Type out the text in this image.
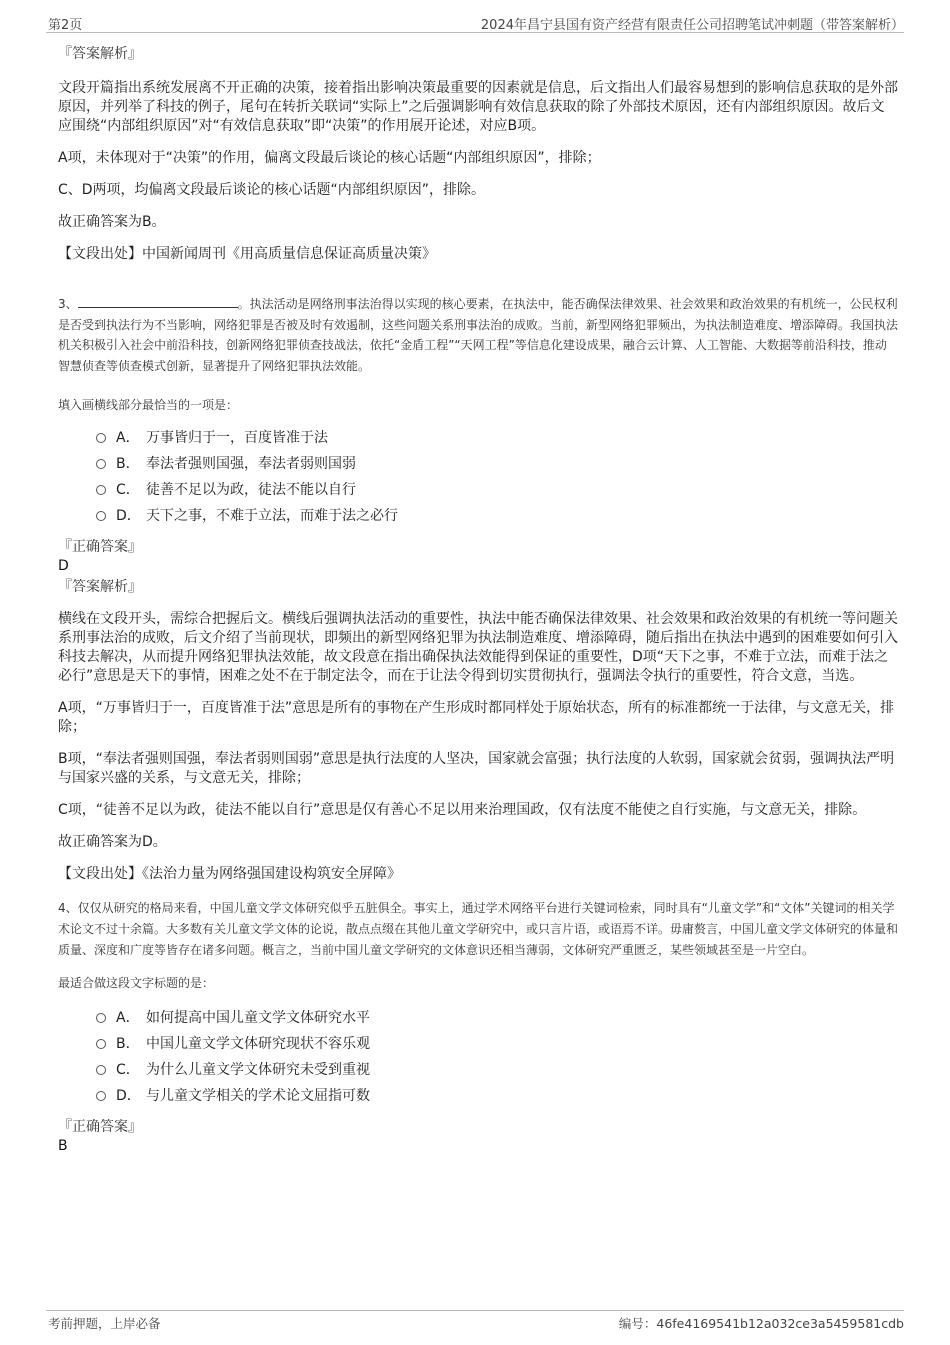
第2页	2024年昌宁县国有资产经营有限责任公司招聘笔试冲刺题（带答案解析）

『答案解析』

文段开篇指出系统发展离不开正确的决策，接着指出影响决策最重要的因素就是信息，后文指出人们最容易想到的影响信息获取的是外部原因，并列举了科技的例子，尾句在转折关联词“实际上”之后强调影响有效信息获取的除了外部技术原因，还有内部组织原因。故后文应围绕“内部组织原因”对“有效信息获取”即“决策”的作用展开论述，对应B项。

A项，未体现对于“决策”的作用，偏离文段最后谈论的核心话题“内部组织原因”，排除；

C、D两项，均偏离文段最后谈论的核心话题“内部组织原因”，排除。

故正确答案为B。

【文段出处】中国新闻周刊《用高质量信息保证高质量决策》

3、	。执法活动是网络刑事法治得以实现的核心要素，在执法中，能否确保法律效果、社会效果和政治效果的有机统一，公民权利是否受到执法行为不当影响，网络犯罪是否被及时有效遏制，这些问题关系刑事法治的成败。当前，新型网络犯罪频出，为执法制造难度、增添障碍。我国执法机关积极引入社会中前沿科技，创新网络犯罪侦查技战法，依托“金盾工程”“天网工程”等信息化建设成果，融合云计算、人工智能、大数据等前沿科技，推动智慧侦查等侦查模式创新，显著提升了网络犯罪执法效能。

填入画横线部分最恰当的一项是：

A． 万事皆归于一，百度皆准于法
B． 奉法者强则国强，奉法者弱则国弱
C． 徒善不足以为政，徒法不能以自行
D． 天下之事，不难于立法，而难于法之必行

『正确答案』

D

『答案解析』

横线在文段开头，需综合把握后文。横线后强调执法活动的重要性，执法中能否确保法律效果、社会效果和政治效果的有机统一等问题关系刑事法治的成败，后文介绍了当前现状，即频出的新型网络犯罪为执法制造难度、增添障碍，随后指出在执法中遇到的困难要如何引入科技去解决，从而提升网络犯罪执法效能，故文段意在指出确保执法效能得到保证的重要性，D项“天下之事，不难于立法，而难于法之必行”意思是天下的事情，困难之处不在于制定法令，而在于让法令得到切实贯彻执行，强调法令执行的重要性，符合文意，当选。

A项，“万事皆归于一，百度皆准于法”意思是所有的事物在产生形成时都同样处于原始状态，所有的标准都统一于法律，与文意无关，排除；

B项，“奉法者强则国强，奉法者弱则国弱”意思是执行法度的人坚决，国家就会富强；执行法度的人软弱，国家就会贫弱，强调执法严明与国家兴盛的关系，与文意无关，排除；

C项，“徒善不足以为政，徒法不能以自行”意思是仅有善心不足以用来治理国政，仅有法度不能使之自行实施，与文意无关，排除。

故正确答案为D。

【文段出处】《法治力量为网络强国建设构筑安全屏障》

4、仅仅从研究的格局来看，中国儿童文学文体研究似乎五脏俱全。事实上，通过学术网络平台进行关键词检索，同时具有“儿童文学”和“文体”关键词的相关学术论文不过十余篇。大多数有关儿童文学文体的论说，散点点缀在其他儿童文学研究中，或只言片语，或语焉不详。毋庸赘言，中国儿童文学文体研究的体量和质量、深度和广度等皆存在诸多问题。概言之，当前中国儿童文学研究的文体意识还相当薄弱，文体研究严重匮乏，某些领域甚至是一片空白。

最适合做这段文字标题的是：

A． 如何提高中国儿童文学文体研究水平
B． 中国儿童文学文体研究现状不容乐观
C． 为什么儿童文学文体研究未受到重视
D． 与儿童文学相关的学术论文屈指可数

『正确答案』

B

考前押题，上岸必备	编号：46fe4169541b12a032ce3a5459581cdb
